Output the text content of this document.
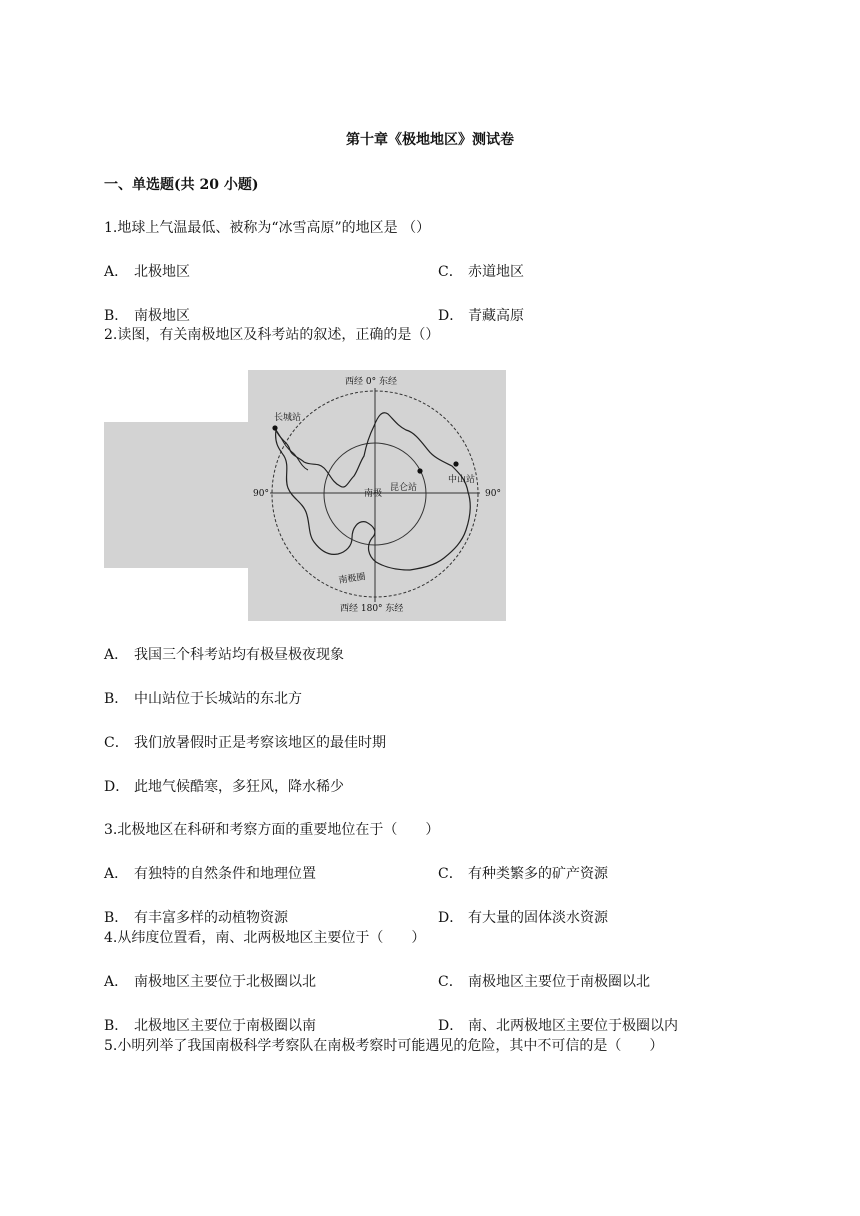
第十章《极地地区》测试卷
一、单选题(共 20 小题)
1.地球上气温最低、被称为“冰雪高原”的地区是 （）
A． 北极地区	C． 赤道地区
B． 南极地区	D． 青藏高原
2.读图，有关南极地区及科考站的叙述，正确的是（）
西经 0° 东经
西经 180° 东经
90°	90°
长城站
中山站
昆仑站
南极
南极圈
A． 我国三个科考站均有极昼极夜现象
B． 中山站位于长城站的东北方
C． 我们放暑假时正是考察该地区的最佳时期
D． 此地气候酷寒，多狂风，降水稀少
3.北极地区在科研和考察方面的重要地位在于（　　）
A． 有独特的自然条件和地理位置	C． 有种类繁多的矿产资源
B． 有丰富多样的动植物资源	D． 有大量的固体淡水资源
4.从纬度位置看，南、北两极地区主要位于（　　）
A． 南极地区主要位于北极圈以北	C． 南极地区主要位于南极圈以北
B． 北极地区主要位于南极圈以南	D． 南、北两极地区主要位于极圈以内
5.小明列举了我国南极科学考察队在南极考察时可能遇见的危险，其中不可信的是（　　）
